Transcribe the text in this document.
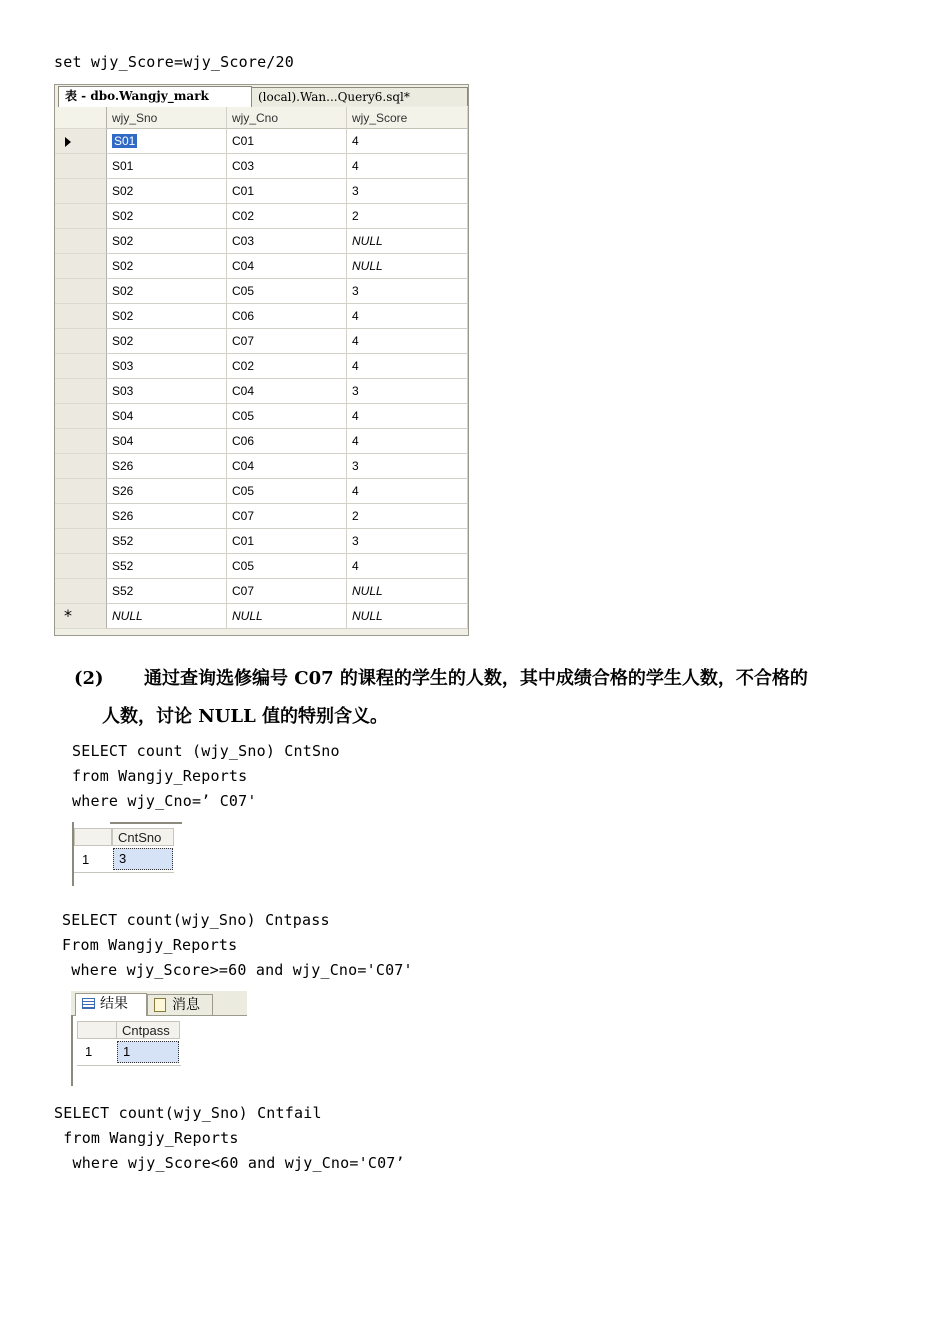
set wjy_Score=wjy_Score/20
(local).Wan...Query6.sql*
表 - dbo.Wangjy_mark
wjy_Sno	wjy_Cno	wjy_Score
S01	C01	4
S01	C03	4
S02	C01	3
S02	C02	2
S02	C03	NULL
S02	C04	NULL
S02	C05	3
S02	C06	4
S02	C07	4
S03	C02	4
S03	C04	3
S04	C05	4
S04	C06	4
S26	C04	3
S26	C05	4
S26	C07	2
S52	C01	3
S52	C05	4
S52	C07	NULL
*	NULL	NULL	NULL
(2) 通过查询选修编号 C07 的课程的学生的人数，其中成绩合格的学生人数，不合格的
人数，讨论 NULL 值的特别含义。
SELECT count (wjy_Sno) CntSno
from Wangjy_Reports
where wjy_Cno=’ C07'
CntSno
1	3
SELECT count(wjy_Sno) Cntpass
From Wangjy_Reports
where wjy_Score>=60 and wjy_Cno='C07'
结果	消息
Cntpass
1	1
SELECT count(wjy_Sno) Cntfail
from Wangjy_Reports
where wjy_Score<60 and wjy_Cno='C07’
